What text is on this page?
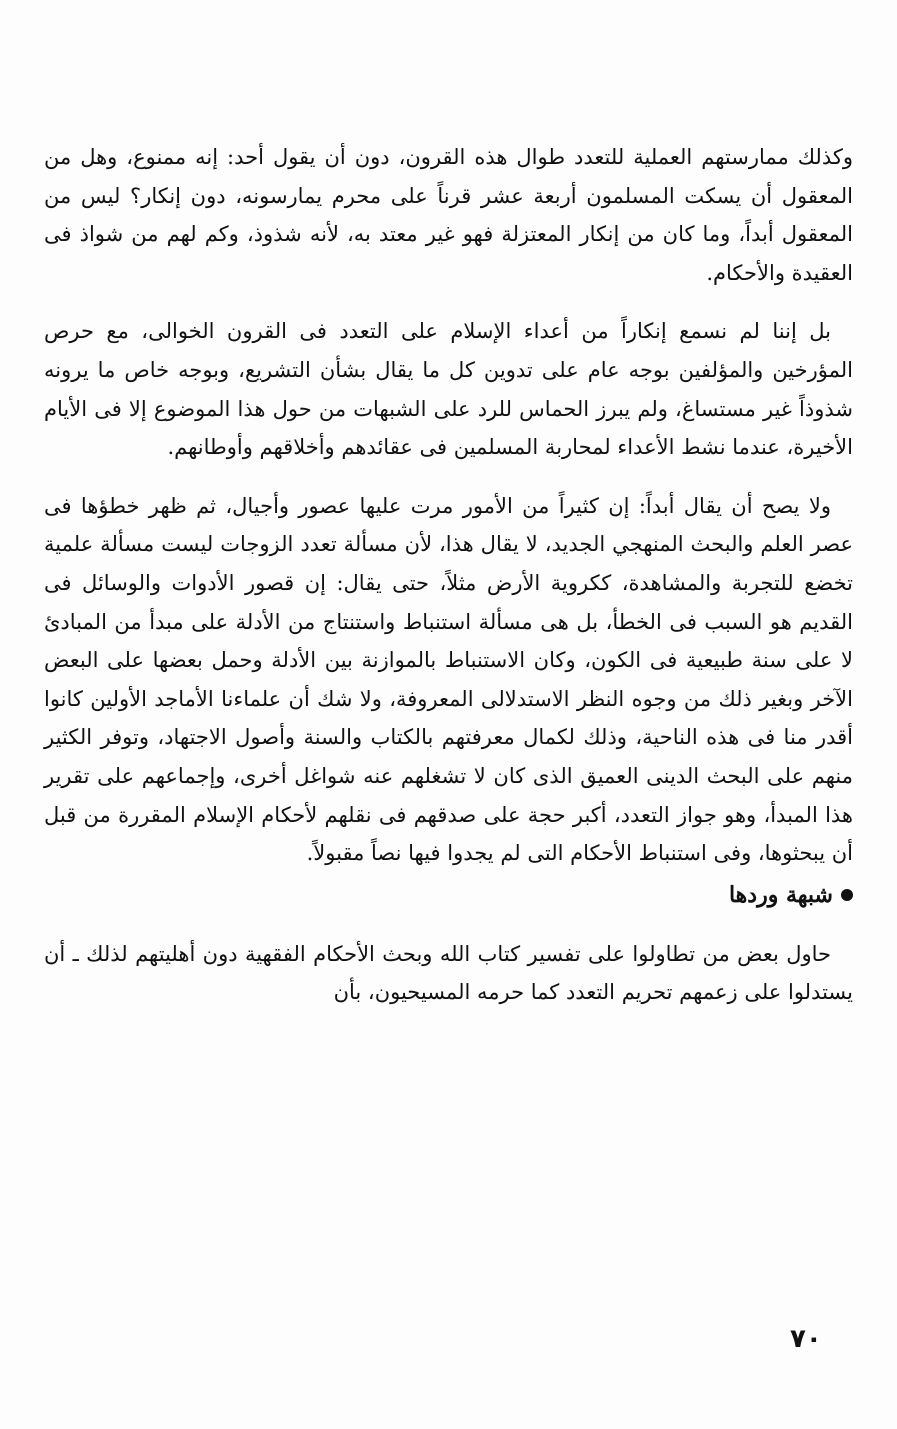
وكذلك ممارستهم العملية للتعدد طوال هذه القرون، دون أن يقول أحد: إنه ممنوع، وهل من المعقول أن يسكت المسلمون أربعة عشر قرناً على محرم يمارسونه، دون إنكار؟ ليس من المعقول أبداً، وما كان من إنكار المعتزلة فهو غير معتد به، لأنه شذوذ، وكم لهم من شواذ فى العقيدة والأحكام.

بل إننا لم نسمع إنكاراً من أعداء الإسلام على التعدد فى القرون الخوالى، مع حرص المؤرخين والمؤلفين بوجه عام على تدوين كل ما يقال بشأن التشريع، وبوجه خاص ما يرونه شذوذاً غير مستساغ، ولم يبرز الحماس للرد على الشبهات من حول هذا الموضوع إلا فى الأيام الأخيرة، عندما نشط الأعداء لمحاربة المسلمين فى عقائدهم وأخلاقهم وأوطانهم.

ولا يصح أن يقال أبداً: إن كثيراً من الأمور مرت عليها عصور وأجيال، ثم ظهر خطؤها فى عصر العلم والبحث المنهجي الجديد، لا يقال هذا، لأن مسألة تعدد الزوجات ليست مسألة علمية تخضع للتجربة والمشاهدة، ككروية الأرض مثلاً، حتى يقال: إن قصور الأدوات والوسائل فى القديم هو السبب فى الخطأ، بل هى مسألة استنباط واستنتاج من الأدلة على مبدأ من المبادئ لا على سنة طبيعية فى الكون، وكان الاستنباط بالموازنة بين الأدلة وحمل بعضها على البعض الآخر وبغير ذلك من وجوه النظر الاستدلالى المعروفة، ولا شك أن علماءنا الأماجد الأولين كانوا أقدر منا فى هذه الناحية، وذلك لكمال معرفتهم بالكتاب والسنة وأصول الاجتهاد، وتوفر الكثير منهم على البحث الدينى العميق الذى كان لا تشغلهم عنه شواغل أخرى، وإجماعهم على تقرير هذا المبدأ، وهو جواز التعدد، أكبر حجة على صدقهم فى نقلهم لأحكام الإسلام المقررة من قبل أن يبحثوها، وفى استنباط الأحكام التى لم يجدوا فيها نصاً مقبولاً.

شبهة وردها

حاول بعض من تطاولوا على تفسير كتاب الله وبحث الأحكام الفقهية دون أهليتهم لذلك ـ أن يستدلوا على زعمهم تحريم التعدد كما حرمه المسيحيون، بأن

٧٠
